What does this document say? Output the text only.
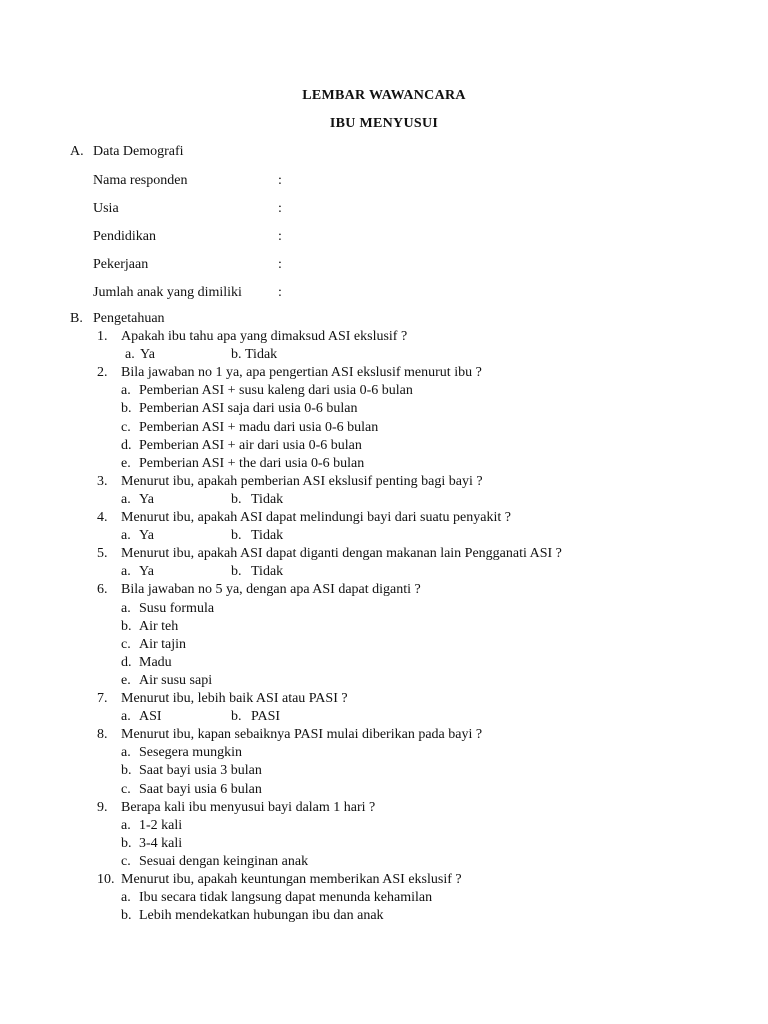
LEMBAR WAWANCARA
IBU MENYUSUI
A. Data Demografi
Nama responden	:
Usia	:
Pendidikan	:
Pekerjaan	:
Jumlah anak yang dimiliki	:
B. Pengetahuan
1. Apakah ibu tahu apa yang dimaksud ASI ekslusif ?
a. Ya	b. Tidak
2. Bila jawaban no 1 ya, apa pengertian ASI ekslusif menurut ibu ?
a. Pemberian ASI + susu kaleng dari usia 0-6 bulan
b. Pemberian ASI saja dari usia 0-6 bulan
c. Pemberian ASI + madu dari usia 0-6 bulan
d. Pemberian ASI + air dari usia 0-6 bulan
e. Pemberian ASI + the dari usia 0-6 bulan
3. Menurut ibu, apakah pemberian ASI ekslusif penting bagi bayi ?
a. Ya	b. Tidak
4. Menurut ibu, apakah ASI dapat melindungi bayi dari suatu penyakit ?
a. Ya	b. Tidak
5. Menurut ibu, apakah ASI dapat diganti dengan makanan lain Pengganati ASI ?
a. Ya	b. Tidak
6. Bila jawaban no 5 ya, dengan apa ASI dapat diganti ?
a. Susu formula
b. Air teh
c. Air tajin
d. Madu
e. Air susu sapi
7. Menurut ibu, lebih baik ASI atau PASI ?
a. ASI	b. PASI
8. Menurut ibu, kapan sebaiknya PASI mulai diberikan pada bayi ?
a. Sesegera mungkin
b. Saat bayi usia 3 bulan
c. Saat bayi usia 6 bulan
9. Berapa kali ibu menyusui bayi dalam 1 hari ?
a. 1-2 kali
b. 3-4 kali
c. Sesuai dengan keinginan anak
10. Menurut ibu, apakah keuntungan memberikan ASI ekslusif ?
a. Ibu secara tidak langsung dapat menunda kehamilan
b. Lebih mendekatkan hubungan ibu dan anak
